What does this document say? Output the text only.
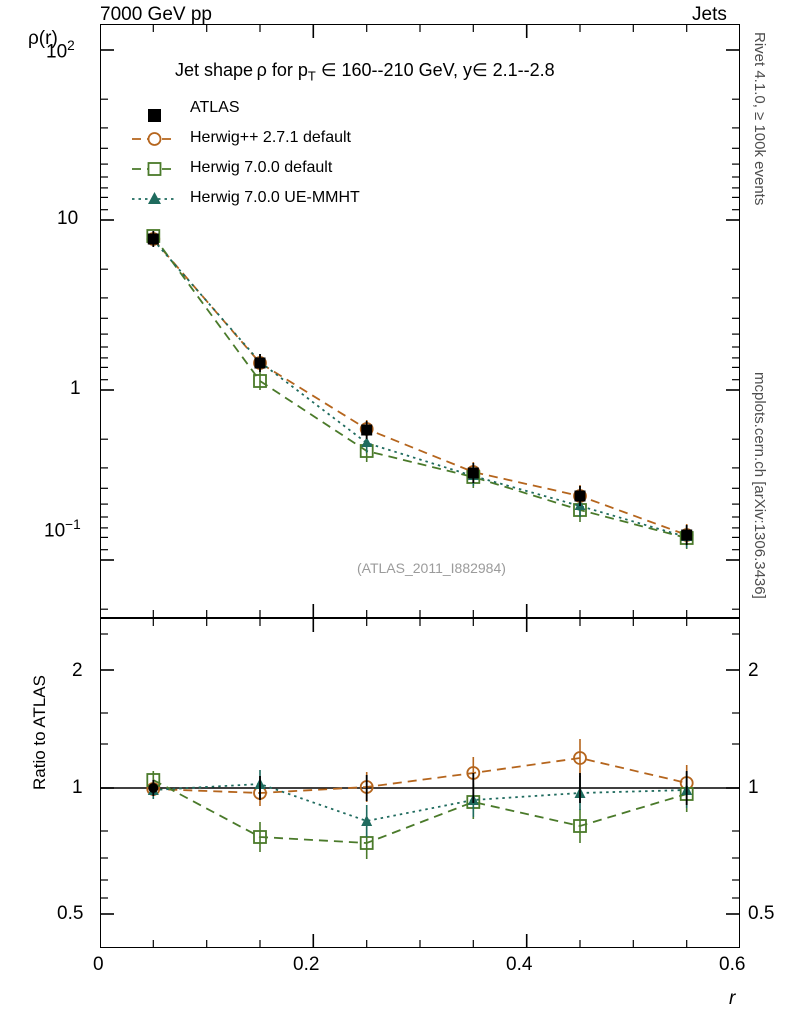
7000 GeV pp	Jets
Rivet 4.1.0, ≥ 100k events
mcplots.cern.ch [arXiv:1306.3436]
ρ(r)
$10^2$
10
1
$10^{-1}$
Jet shape ρ for $p_T$ ∈ 160--210 GeV, y∈ 2.1--2.8
(ATLAS_2011_I882984)
ATLAS
Herwig++ 2.7.1 default
Herwig 7.0.0 default
Herwig 7.0.0 UE-MMHT
Ratio to ATLAS
2
1
0.5
2
1
0.5
0	0.2	0.4	0.6
r
